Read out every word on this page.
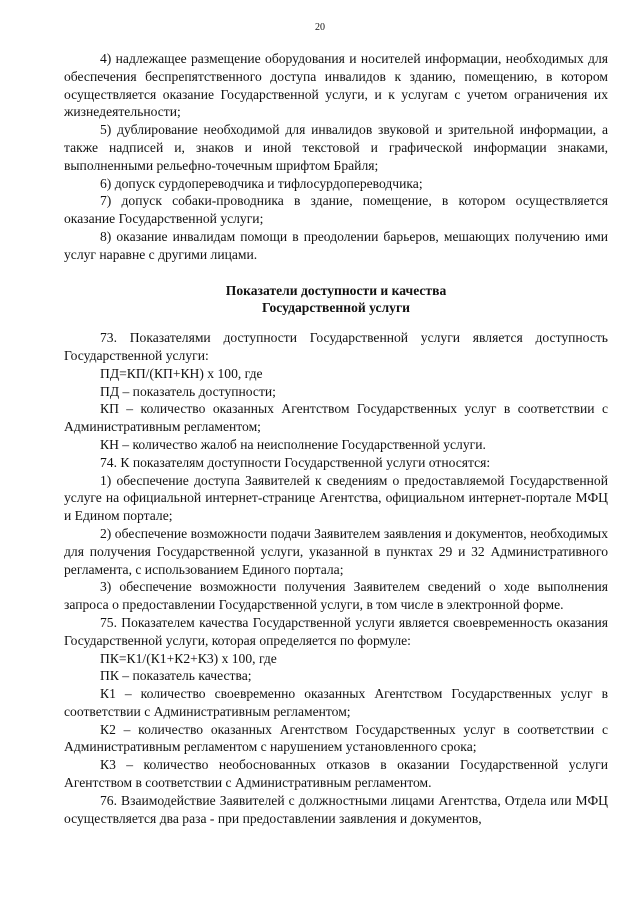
20

4) надлежащее размещение оборудования и носителей информации, необходимых для обеспечения беспрепятственного доступа инвалидов к зданию, помещению, в котором осуществляется оказание Государственной услуги, и к услугам с учетом ограничения их жизнедеятельности;

5) дублирование необходимой для инвалидов звуковой и зрительной информации, а также надписей и, знаков и иной текстовой и графической информации знаками, выполненными рельефно-точечным шрифтом Брайля;

6) допуск сурдопереводчика и тифлосурдопереводчика;

7) допуск собаки-проводника в здание, помещение, в котором осуществляется оказание Государственной услуги;

8) оказание инвалидам помощи в преодолении барьеров, мешающих получению ими услуг наравне с другими лицами.

Показатели доступности и качества
Государственной услуги

73. Показателями доступности Государственной услуги является доступность Государственной услуги:

ПД=КП/(КП+КН) x 100, где

ПД – показатель доступности;

КП – количество оказанных Агентством Государственных услуг в соответствии с Административным регламентом;

КН – количество жалоб на неисполнение Государственной услуги.

74. К показателям доступности Государственной услуги относятся:

1) обеспечение доступа Заявителей к сведениям о предоставляемой Государственной услуге на официальной интернет-странице Агентства, официальном интернет-портале МФЦ и Едином портале;

2) обеспечение возможности подачи Заявителем заявления и документов, необходимых для получения Государственной услуги, указанной в пунктах 29 и 32 Административного регламента, с использованием Единого портала;

3) обеспечение возможности получения Заявителем сведений о ходе выполнения запроса о предоставлении Государственной услуги, в том числе в электронной форме.

75. Показателем качества Государственной услуги является своевременность оказания Государственной услуги, которая определяется по формуле:

ПК=К1/(К1+К2+К3) x 100, где

ПК – показатель качества;

К1 – количество своевременно оказанных Агентством Государственных услуг в соответствии с Административным регламентом;

К2 – количество оказанных Агентством Государственных услуг в соответствии с Административным регламентом с нарушением установленного срока;

К3 – количество необоснованных отказов в оказании Государственной услуги Агентством в соответствии с Административным регламентом.

76. Взаимодействие Заявителей с должностными лицами Агентства, Отдела или МФЦ осуществляется два раза - при предоставлении заявления и документов,
